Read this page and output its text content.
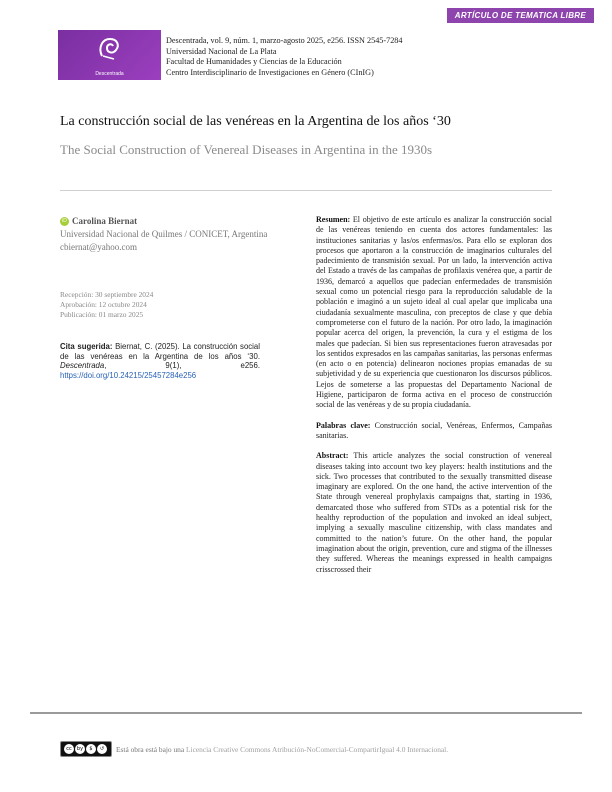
ARTÍCULO DE TEMATICA LIBRE
Descentrada
Descentrada, vol. 9, núm. 1, marzo-agosto 2025, e256. ISSN 2545-7284
Universidad Nacional de La Plata
Facultad de Humanidades y Ciencias de la Educación
Centro Interdisciplinario de Investigaciones en Género (CInIG)
La construcción social de las venéreas en la Argentina de los años ‘30
The Social Construction of Venereal Diseases in Argentina in the 1930s
iD Carolina Biernat
Universidad Nacional de Quilmes / CONICET, Argentina
cbiernat@yahoo.com
Recepción: 30 septiembre 2024
Aprobación: 12 octubre 2024
Publicación: 01 marzo 2025
Cita sugerida: Biernat, C. (2025). La construcción social de las venéreas en la Argentina de los años ‘30. Descentrada, 9(1), e256. https://doi.org/10.24215/25457284e256

Resumen: El objetivo de este artículo es analizar la construcción social de las venéreas teniendo en cuenta dos actores fundamentales: las instituciones sanitarias y las/os enfermas/os. Para ello se exploran dos procesos que aportaron a la construcción de imaginarios culturales del padecimiento de transmisión sexual. Por un lado, la intervención activa del Estado a través de las campañas de profilaxis venérea que, a partir de 1936, demarcó a aquellos que padecían enfermedades de transmisión sexual como un potencial riesgo para la reproducción saludable de la población e imaginó a un sujeto ideal al cual apelar que implicaba una ciudadanía sexualmente masculina, con preceptos de clase y que debía comprometerse con el futuro de la nación. Por otro lado, la imaginación popular acerca del origen, la prevención, la cura y el estigma de los males que padecían. Si bien sus representaciones fueron atravesadas por los sentidos expresados en las campañas sanitarias, las personas enfermas (en acto o en potencia) delinearon nociones propias emanadas de su subjetividad y de su experiencia que cuestionaron los discursos públicos. Lejos de someterse a las propuestas del Departamento Nacional de Higiene, participaron de forma activa en el proceso de construcción social de las venéreas y de su propia ciudadanía.

Palabras clave: Construcción social, Venéreas, Enfermos, Campañas sanitarias.

Abstract: This article analyzes the social construction of venereal diseases taking into account two key players: health institutions and the sick. Two processes that contributed to the sexually transmitted disease imaginary are explored. On the one hand, the active intervention of the State through venereal prophylaxis campaigns that, starting in 1936, demarcated those who suffered from STDs as a potential risk for the healthy reproduction of the population and invoked an ideal subject, implying a sexually masculine citizenship, with class mandates and committed to the nation’s future. On the other hand, the popular imagination about the origin, prevention, cure and stigma of the illnesses they suffered. Whereas the meanings expressed in health campaigns crisscrossed their

cc	by	$	↺	Está obra está bajo una
Licencia Creative Commons Atribución-NoComercial-CompartirIgual 4.0 Internacional.
